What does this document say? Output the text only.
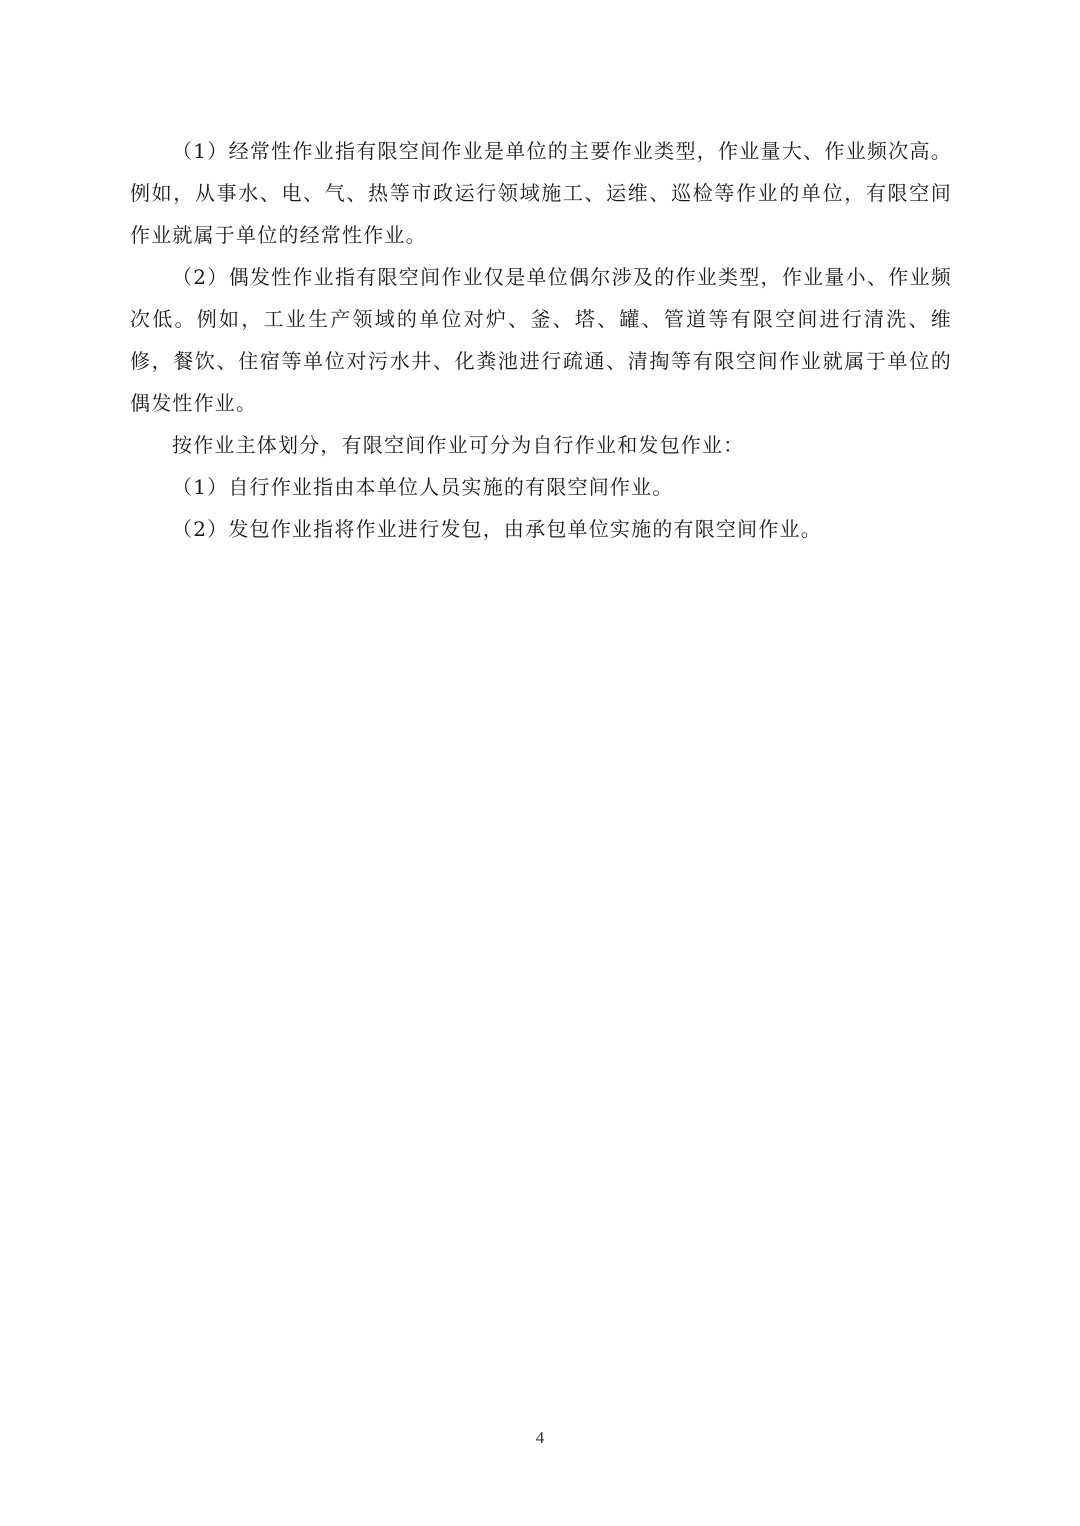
（1）经常性作业指有限空间作业是单位的主要作业类型，作业量大、作业频次高。例如，从事水、电、气、热等市政运行领域施工、运维、巡检等作业的单位，有限空间作业就属于单位的经常性作业。

（2）偶发性作业指有限空间作业仅是单位偶尔涉及的作业类型，作业量小、作业频次低。例如，工业生产领域的单位对炉、釜、塔、罐、管道等有限空间进行清洗、维修，餐饮、住宿等单位对污水井、化粪池进行疏通、清掏等有限空间作业就属于单位的偶发性作业。

按作业主体划分，有限空间作业可分为自行作业和发包作业：

（1）自行作业指由本单位人员实施的有限空间作业。

（2）发包作业指将作业进行发包，由承包单位实施的有限空间作业。

4
